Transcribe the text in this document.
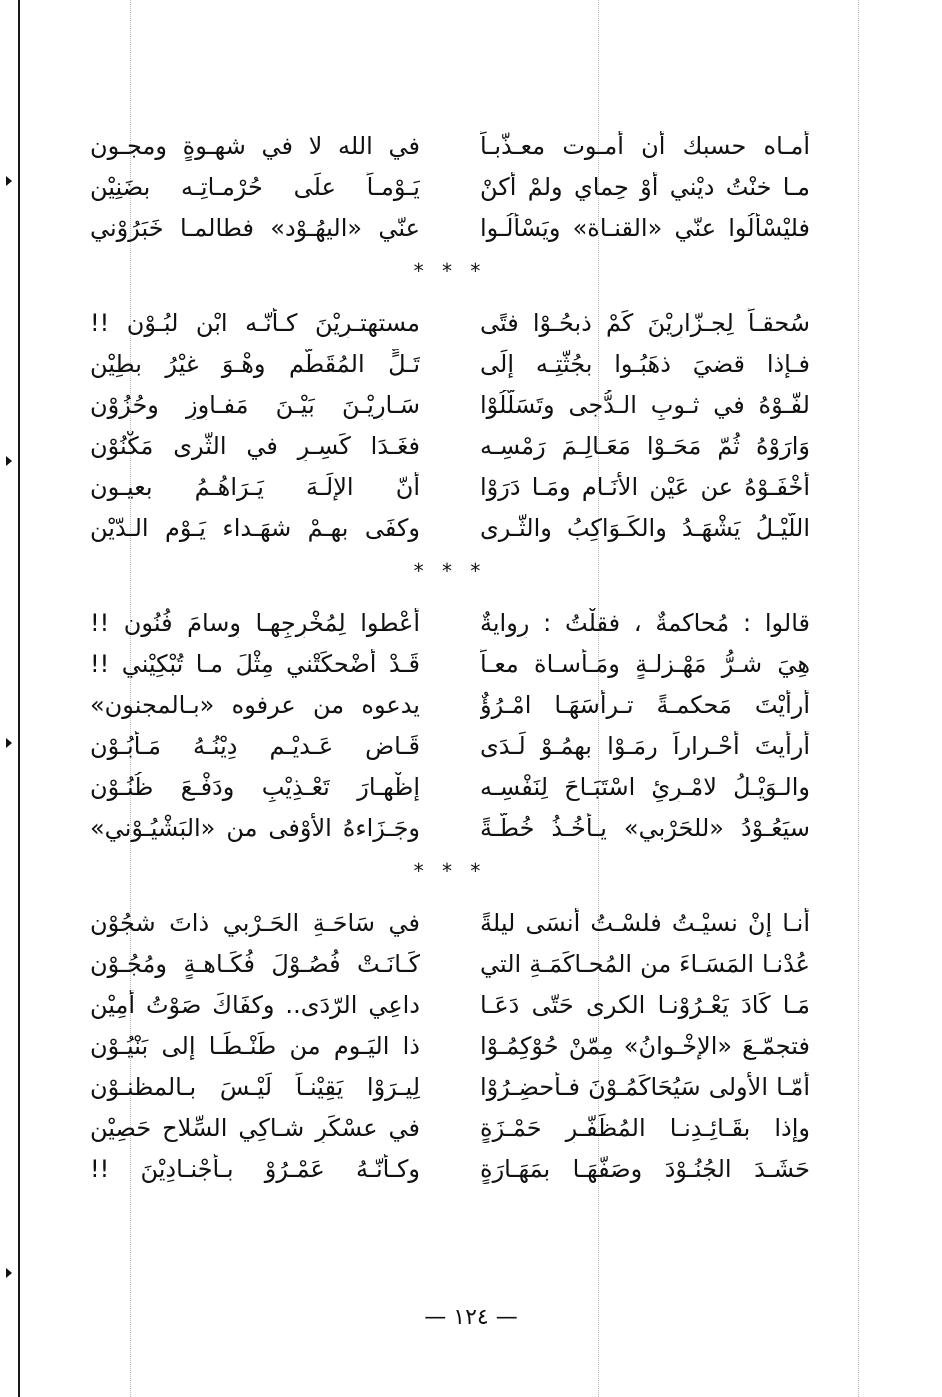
أمـاه حسبك أن أمـوت معـذّبـاً
في الله لا في شهـوةٍ ومجـون
مـا خنْتُ ديْني أوْ حِماي ولمْ أكنْ
يَـوْمـاً علَى حُرْمـاتِـه بضَنِيْن
فليْسْألُوا عنّي «القنـاة» ويَسْألُـوا
عنّي «اليهُـوْد» فطالمـا خَبَرُوْني
* * *
سُحقـاً لِجـزّارِيْنَ كَمْ ذبحُـوْا فتًى
مستهتـرِيْنَ كـأنّـه ابْن لبُـوْن !!
فـإذا قضيَ ذهَبُـوا بجُثّتِـه إلَى
تَـلٍّ المُقَطّمِ وهْـوَ غيْرُ بطِيْن
لفّـوْهُ في ثـوبِ الـدُّجى وتَسَلّلُوْا
سَـارِيْـنَ بَيْـنَ مَفـاوِزٍ وحُزُوْن
وَارَوْهُ ثُمّ مَحَـوْا مَعَـالِـمَ رَمْسِـه
فغَـدَا كَسِـرٍ في الثّرى مَكْنُوْن
أخْفَـوْهُ عن عَيْنِ الأنَـامِ ومَـا دَرَوْا
أنّ الإلَـهَ يَـرَاهُـمُ بعيـون
اللّيْـلُ يَشْهَـدُ والكَـوَاكِبُ والثّـرى
وكفَى بهِـمْ شهَـداء يَـوْم الـدّيْن
* * *
قالوا : مُحاكمةٌ ، فقلْتُ : رِوايةٌ
أعْطوا لِمُخْرِجِهـا وِسامَ فُنُون !!
هِيَ شـرُّ مَهْـزلـةٍ ومَـأسـاة معـاً
قَـدْ أضْحكَتْني مِثْلَ مـا تُبْكِيْني !!
أرأيْتَ مَحكمـةً تـرأسَهَـا امْـرُؤٌ
يدعوه من عرفوه «بـالمجنون»
أرأيتَ أحْـراراً رمَـوْا بهمُـوْ لَـدَى
قَـاضٍ عَـديْـمِ دِيْنُـهُ مَـأبُـوْن
والـوَيْـلُ لامْـرِئٍ اسْتَبَـاحَ لِنَفْسِـه
إظْهـارَ تَعْـذِيْبٍ ودَفْـعَ ظُنُـوْن
سيَعُـوْدُ «للحَرْبي» يـأخُـذُ خُطّـةً
وجَـزَاءهُ الأوْفى من «البَشْيُـوْني»
* * *
أنـا إنْ نسيْـتُ فلسْـتُ أنسَى ليلةً
في سَاحَـةِ الحَـرْبي ذاتَ شجُوْن
عُدْنـا المَسَـاءَ من المُحـاكَمَـةِ التي
كَـانَـتْ فُصُـوْلَ فُكَـاهـةٍ ومُجُـوْن
مَـا كَادَ يَعْـرُوْنـا الكرى حَتّى دَعَـا
داعِي الرّدَى.. وكفَاكَ صَوْتُ أمِيْن
فتجمّـعَ «الإخْـوانُ» مِمّنْ حُوْكِمُـوْا
ذا اليَـوم من طَنْـطَـا إلى بَنْيُـوْن
أمّـا الأولى سَيُحَاكَمُـوْنَ فـأحضِـرُوْا
لِيـرَوْا يَقِيْنـاً لَيْـسَ بـالمظنـوْن
وإذا بقَـائِـدِنـا المُظَفّـرِ حَمْـزَةٍ
في عسْكَرٍ شـاكِي السِّلاحِ حَصِيْن
حَشَـدَ الجُنُـوْدَ وصَفّهَـا بمَهَـارَةٍ
وكـأنّـهُ عَمْـرُوْ بـأجْنـادِيْنَ !!
— ١٢٤ —
